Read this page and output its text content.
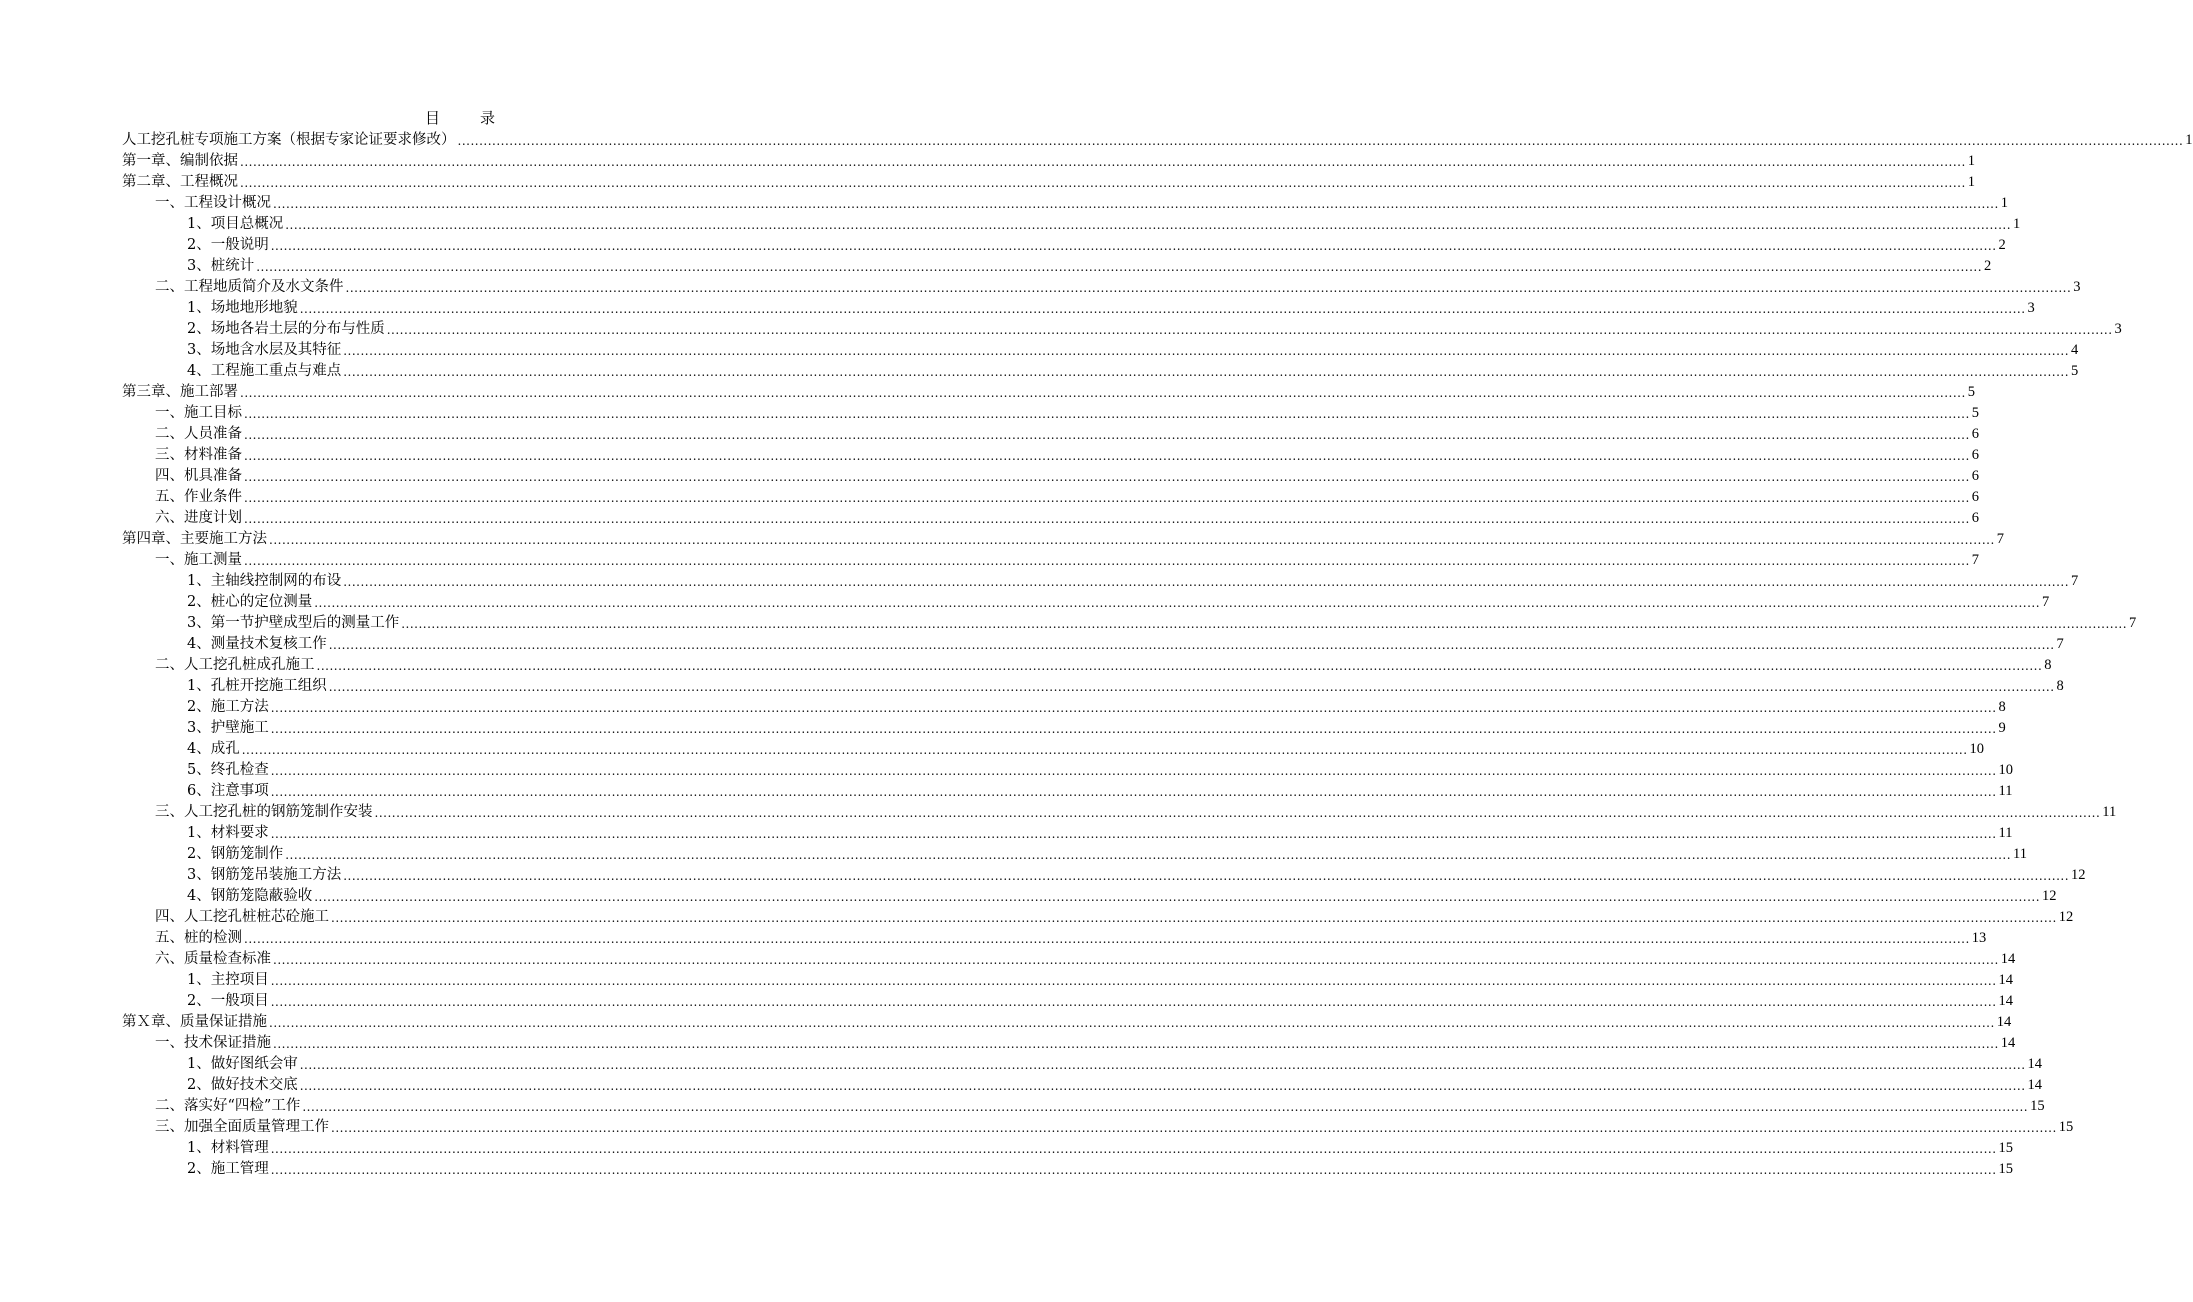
目	录
人工挖孔桩专项施工方案（根据专家论证要求修改） ................................................................................................................................................................................................................................................................................................................................................................................................................ 1
第一章、编制依据 ................................................................................................................................................................................................................................................................................................................................................................................................................ 1
第二章、工程概况 ................................................................................................................................................................................................................................................................................................................................................................................................................ 1
一、工程设计概况 ................................................................................................................................................................................................................................................................................................................................................................................................................ 1
1、项目总概况 ................................................................................................................................................................................................................................................................................................................................................................................................................ 1
2、一般说明 ................................................................................................................................................................................................................................................................................................................................................................................................................ 2
3、桩统计 ................................................................................................................................................................................................................................................................................................................................................................................................................ 2
二、工程地质简介及水文条件 ................................................................................................................................................................................................................................................................................................................................................................................................................ 3
1、场地地形地貌 ................................................................................................................................................................................................................................................................................................................................................................................................................ 3
2、场地各岩土层的分布与性质 ................................................................................................................................................................................................................................................................................................................................................................................................................ 3
3、场地含水层及其特征 ................................................................................................................................................................................................................................................................................................................................................................................................................ 4
4、工程施工重点与难点 ................................................................................................................................................................................................................................................................................................................................................................................................................ 5
第三章、施工部署 ................................................................................................................................................................................................................................................................................................................................................................................................................ 5
一、施工目标 ................................................................................................................................................................................................................................................................................................................................................................................................................ 5
二、人员准备 ................................................................................................................................................................................................................................................................................................................................................................................................................ 6
三、材料准备 ................................................................................................................................................................................................................................................................................................................................................................................................................ 6
四、机具准备 ................................................................................................................................................................................................................................................................................................................................................................................................................ 6
五、作业条件 ................................................................................................................................................................................................................................................................................................................................................................................................................ 6
六、进度计划 ................................................................................................................................................................................................................................................................................................................................................................................................................ 6
第四章、主要施工方法 ................................................................................................................................................................................................................................................................................................................................................................................................................ 7
一、施工测量 ................................................................................................................................................................................................................................................................................................................................................................................................................ 7
1、主轴线控制网的布设 ................................................................................................................................................................................................................................................................................................................................................................................................................ 7
2、桩心的定位测量 ................................................................................................................................................................................................................................................................................................................................................................................................................ 7
3、第一节护壁成型后的测量工作 ................................................................................................................................................................................................................................................................................................................................................................................................................ 7
4、测量技术复核工作 ................................................................................................................................................................................................................................................................................................................................................................................................................ 7
二、人工挖孔桩成孔施工 ................................................................................................................................................................................................................................................................................................................................................................................................................ 8
1、孔桩开挖施工组织 ................................................................................................................................................................................................................................................................................................................................................................................................................ 8
2、施工方法 ................................................................................................................................................................................................................................................................................................................................................................................................................ 8
3、护壁施工 ................................................................................................................................................................................................................................................................................................................................................................................................................ 9
4、成孔 ................................................................................................................................................................................................................................................................................................................................................................................................................ 10
5、终孔检查 ................................................................................................................................................................................................................................................................................................................................................................................................................ 10
6、注意事项 ................................................................................................................................................................................................................................................................................................................................................................................................................ 11
三、人工挖孔桩的钢筋笼制作安装 ................................................................................................................................................................................................................................................................................................................................................................................................................ 11
1、材料要求 ................................................................................................................................................................................................................................................................................................................................................................................................................ 11
2、钢筋笼制作 ................................................................................................................................................................................................................................................................................................................................................................................................................ 11
3、钢筋笼吊装施工方法 ................................................................................................................................................................................................................................................................................................................................................................................................................ 12
4、钢筋笼隐蔽验收 ................................................................................................................................................................................................................................................................................................................................................................................................................ 12
四、人工挖孔桩桩芯砼施工 ................................................................................................................................................................................................................................................................................................................................................................................................................ 12
五、桩的检测 ................................................................................................................................................................................................................................................................................................................................................................................................................ 13
六、质量检查标准 ................................................................................................................................................................................................................................................................................................................................................................................................................ 14
1、主控项目 ................................................................................................................................................................................................................................................................................................................................................................................................................ 14
2、一般项目 ................................................................................................................................................................................................................................................................................................................................................................................................................ 14
第Ｘ章、质量保证措施 ................................................................................................................................................................................................................................................................................................................................................................................................................ 14
一、技术保证措施 ................................................................................................................................................................................................................................................................................................................................................................................................................ 14
1、做好图纸会审 ................................................................................................................................................................................................................................................................................................................................................................................................................ 14
2、做好技术交底 ................................................................................................................................................................................................................................................................................................................................................................................................................ 14
二、落实好“四检”工作 ................................................................................................................................................................................................................................................................................................................................................................................................................ 15
三、加强全面质量管理工作 ................................................................................................................................................................................................................................................................................................................................................................................................................ 15
1、材料管理 ................................................................................................................................................................................................................................................................................................................................................................................................................ 15
2、施工管理 ................................................................................................................................................................................................................................................................................................................................................................................................................ 15
